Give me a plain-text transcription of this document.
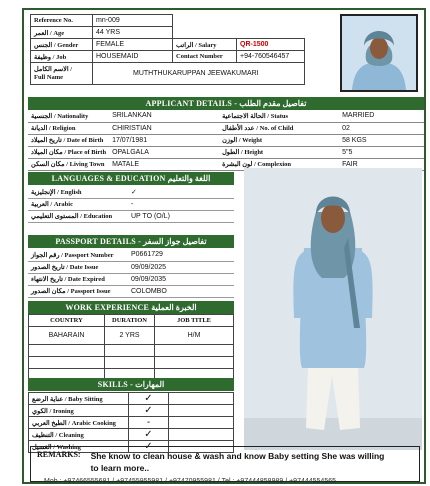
Reference No.	mn-009		
العمر / Age	44 YRS		
الجنس / Gender	FEMALE	الراتب / Salary	QR-1500
وظيفة / Job	HOUSEMAID	Contact Number	+94-760546457

الاسم الكامل /
Full Name	MUTHTHUKARUPPAN JEEWAKUMARI		
APPLICANT DETAILS - تفاصيل مقدم الطلب
الجنسية / Nationality	SRILANKAN	الحالة الاجتماعية / Status	MARRIED
الديانة / Religion	CHIRISTIAN	عدد الأطفال / No. of Child	02
تاريخ الميلاد / Date of Birth	17/07/1981	الوزن / Weight	58 KGS
مكان الميلاد / Place of Birth	OPALGALA	الطول / Height	5"5
مكان السكن / Living Town	MATALE	لون البشرة / Complexion	FAIR
LANGUAGES & EDUCATION اللغة والتعليم
الإنجليزية / English	✓
العربية / Arabic	-
المستوى التعليمي / Education	UP TO (O/L)
PASSPORT DETAILS - تفاصيل جواز السفر
رقم الجواز / Passport Number	P0661729
تاريخ الصدور / Date Issue	09/09/2025
تاريخ الانتهاء / Date Expired	09/09/2035
مكان الصدور / Passport Issue	COLOMBO
WORK EXPERIENCE الخبرة العملية
COUNTRY	DURATION	JOB TITLE
BAHARAIN	2 YRS	H/M

SKILLS - المهارات
عناية الرضع / Baby Sitting	✓	
الكوي / Ironing	✓	
الطبخ العربي / Arabic Cooking	-	
التنظيف / Cleaning	✓	
الغسيل / Washing	✓	
REMARKS: She know to clean house & wash and know Baby setting She was willing to learn more..
Mob : +97466555681 / +97455955981 / +97470955981 / Tel : +97444858989 / +97444554565
